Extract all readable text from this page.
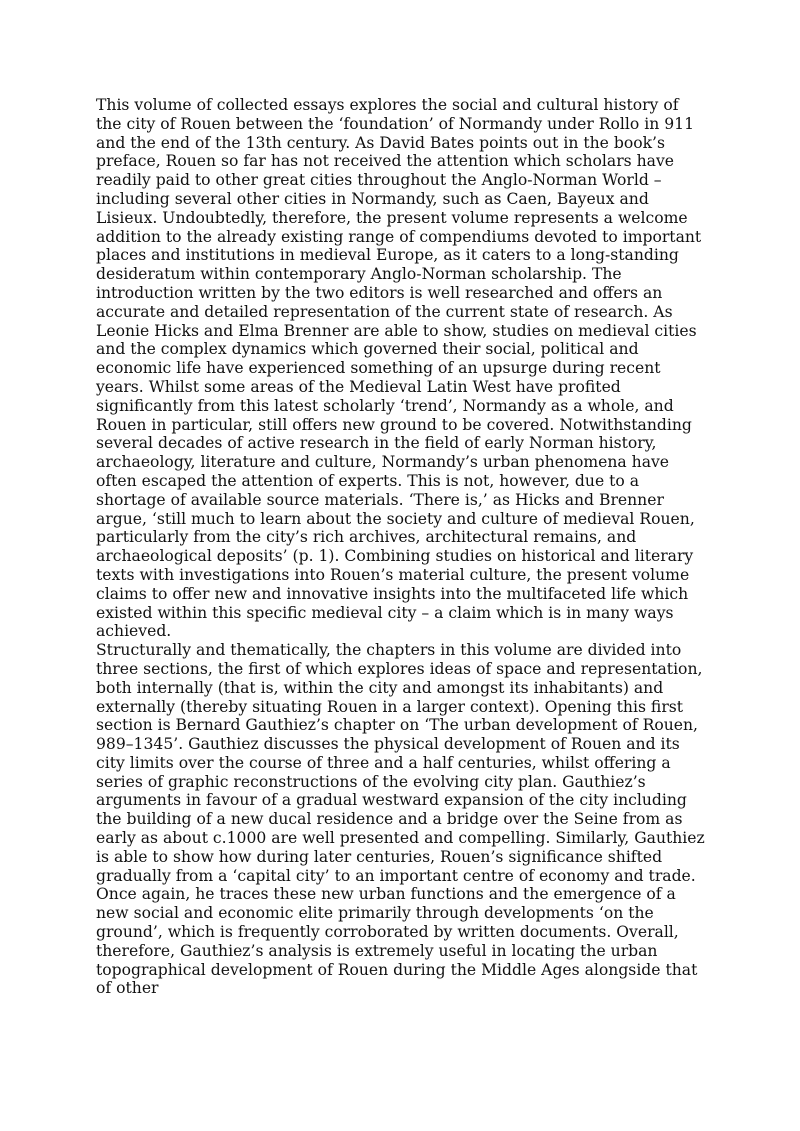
This volume of collected essays explores the social and cultural history of the city of Rouen between the ‘foundation’ of Normandy under Rollo in 911 and the end of the 13th century. As David Bates points out in the book’s preface, Rouen so far has not received the attention which scholars have readily paid to other great cities throughout the Anglo-Norman World – including several other cities in Normandy, such as Caen, Bayeux and Lisieux. Undoubtedly, therefore, the present volume represents a welcome addition to the already existing range of compendiums devoted to important places and institutions in medieval Europe, as it caters to a long-standing desideratum within contemporary Anglo-Norman scholarship. The introduction written by the two editors is well researched and offers an accurate and detailed representation of the current state of research. As Leonie Hicks and Elma Brenner are able to show, studies on medieval cities and the complex dynamics which governed their social, political and economic life have experienced something of an upsurge during recent years. Whilst some areas of the Medieval Latin West have profited significantly from this latest scholarly ‘trend’, Normandy as a whole, and Rouen in particular, still offers new ground to be covered. Notwithstanding several decades of active research in the field of early Norman history, archaeology, literature and culture, Normandy’s urban phenomena have often escaped the attention of experts. This is not, however, due to a shortage of available source materials. ‘There is,’ as Hicks and Brenner argue, ‘still much to learn about the society and culture of medieval Rouen, particularly from the city’s rich archives, architectural remains, and archaeological deposits’ (p. 1). Combining studies on historical and literary texts with investigations into Rouen’s material culture, the present volume claims to offer new and innovative insights into the multifaceted life which existed within this specific medieval city – a claim which is in many ways achieved.

Structurally and thematically, the chapters in this volume are divided into three sections, the first of which explores ideas of space and representation, both internally (that is, within the city and amongst its inhabitants) and externally (thereby situating Rouen in a larger context). Opening this first section is Bernard Gauthiez’s chapter on ‘The urban development of Rouen, 989–1345’. Gauthiez discusses the physical development of Rouen and its city limits over the course of three and a half centuries, whilst offering a series of graphic reconstructions of the evolving city plan. Gauthiez’s arguments in favour of a gradual westward expansion of the city including the building of a new ducal residence and a bridge over the Seine from as early as about c.1000 are well presented and compelling. Similarly, Gauthiez is able to show how during later centuries, Rouen’s significance shifted gradually from a ‘capital city’ to an important centre of economy and trade. Once again, he traces these new urban functions and the emergence of a new social and economic elite primarily through developments ‘on the ground’, which is frequently corroborated by written documents. Overall, therefore, Gauthiez’s analysis is extremely useful in locating the urban topographical development of Rouen during the Middle Ages alongside that of other
